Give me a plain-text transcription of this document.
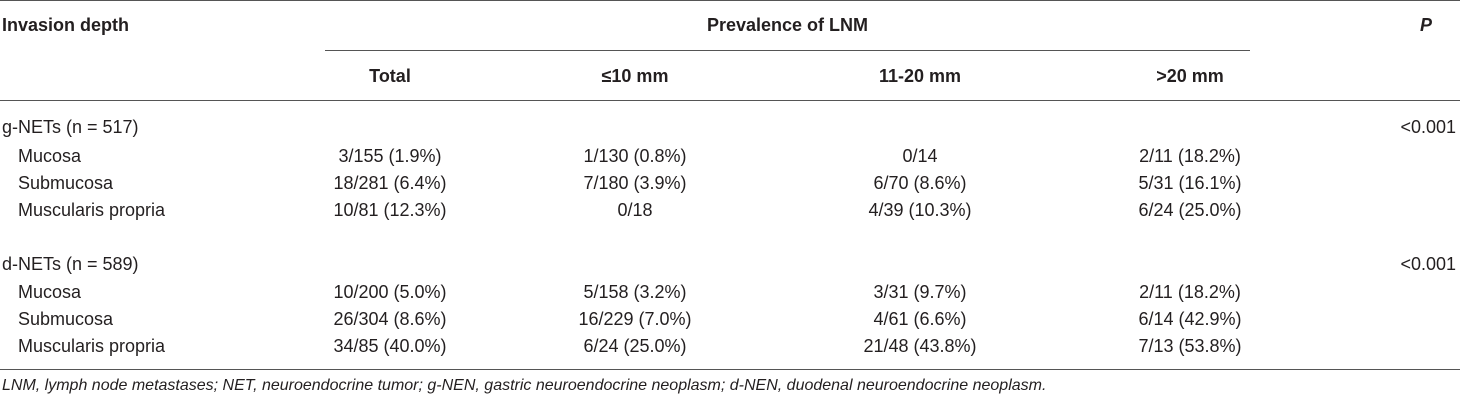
Invasion depth	Prevalence of LNM	P
Total	≤10 mm	11-20 mm	>20 mm
g-NETs (n = 517)	<0.001
Mucosa	3/155 (1.9%)	1/130 (0.8%)	0/14	2/11 (18.2%)
Submucosa	18/281 (6.4%)	7/180 (3.9%)	6/70 (8.6%)	5/31 (16.1%)
Muscularis propria	10/81 (12.3%)	0/18	4/39 (10.3%)	6/24 (25.0%)
d-NETs (n = 589)	<0.001
Mucosa	10/200 (5.0%)	5/158 (3.2%)	3/31 (9.7%)	2/11 (18.2%)
Submucosa	26/304 (8.6%)	16/229 (7.0%)	4/61 (6.6%)	6/14 (42.9%)
Muscularis propria	34/85 (40.0%)	6/24 (25.0%)	21/48 (43.8%)	7/13 (53.8%)
LNM, lymph node metastases; NET, neuroendocrine tumor; g-NEN, gastric neuroendocrine neoplasm; d-NEN, duodenal neuroendocrine neoplasm.
